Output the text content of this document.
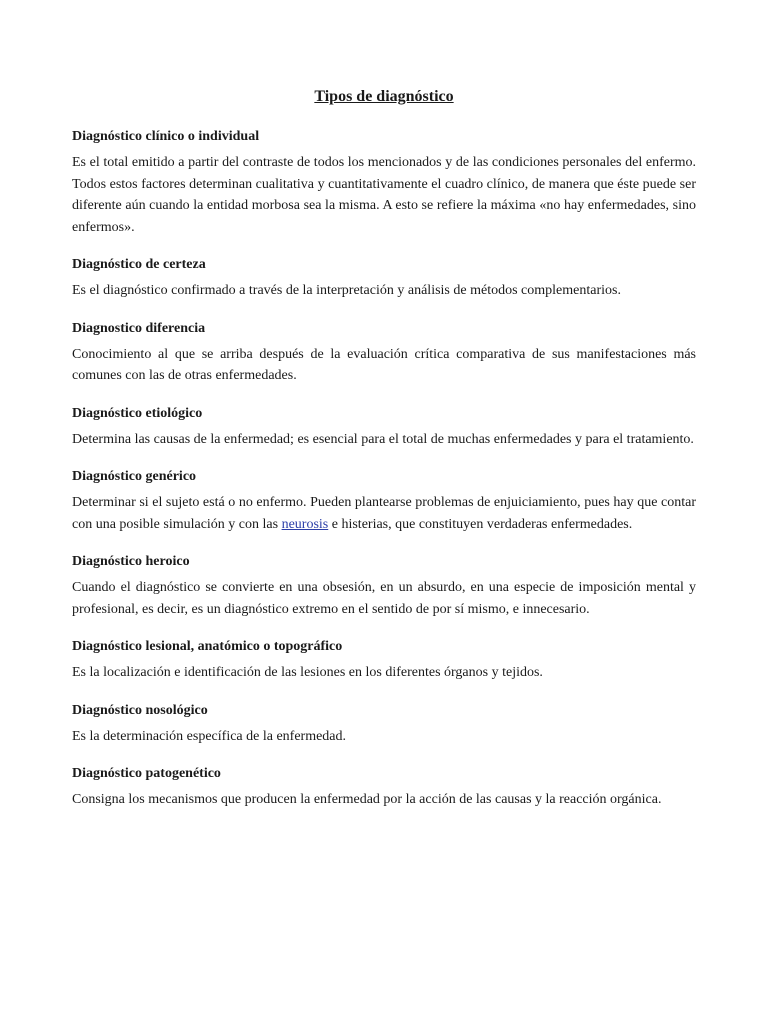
Tipos de diagnóstico
Diagnóstico clínico o individual

Es el total emitido a partir del contraste de todos los mencionados y de las condiciones personales del enfermo. Todos estos factores determinan cualitativa y cuantitativamente el cuadro clínico, de manera que éste puede ser diferente aún cuando la entidad morbosa sea la misma. A esto se refiere la máxima «no hay enfermedades, sino enfermos».

Diagnóstico de certeza

Es el diagnóstico confirmado a través de la interpretación y análisis de métodos complementarios.

Diagnostico diferencia

Conocimiento al que se arriba después de la evaluación crítica comparativa de sus manifestaciones más comunes con las de otras enfermedades.

Diagnóstico etiológico

Determina las causas de la enfermedad; es esencial para el total de muchas enfermedades y para el tratamiento.

Diagnóstico genérico

Determinar si el sujeto está o no enfermo. Pueden plantearse problemas de enjuiciamiento, pues hay que contar con una posible simulación y con las neurosis e histerias, que constituyen verdaderas enfermedades.

Diagnóstico heroico

Cuando el diagnóstico se convierte en una obsesión, en un absurdo, en una especie de imposición mental y profesional, es decir, es un diagnóstico extremo en el sentido de por sí mismo, e innecesario.

Diagnóstico lesional, anatómico o topográfico

Es la localización e identificación de las lesiones en los diferentes órganos y tejidos.

Diagnóstico nosológico

Es la determinación específica de la enfermedad.

Diagnóstico patogenético

Consigna los mecanismos que producen la enfermedad por la acción de las causas y la reacción orgánica.
